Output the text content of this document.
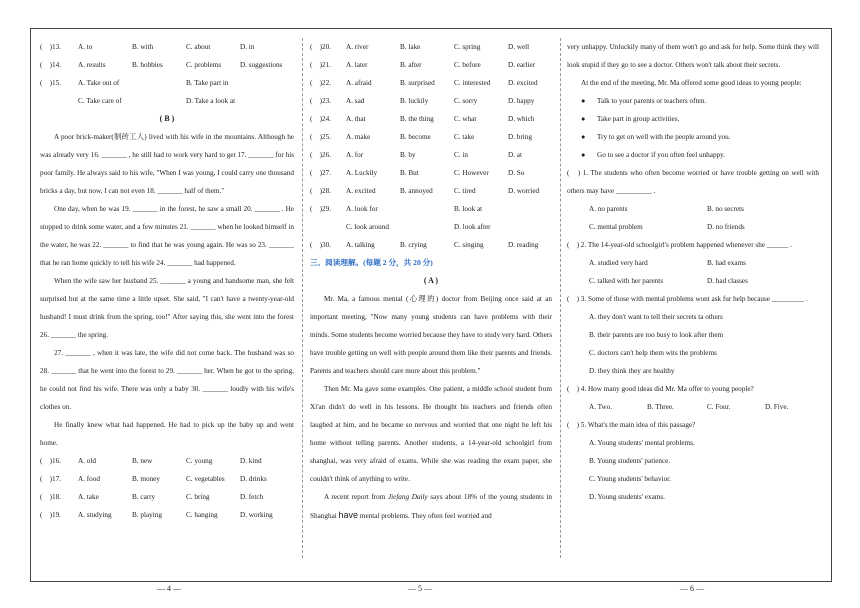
(　)13. A. to	B. with	C. about	D. in
(　)14. A. results	B. hobbies	C. problems	D. suggestions
(　)15. A. Take out of	B. Take part in
C. Take care of	D. Take a look at
( B )

A poor brick-maker(制砖工人) lived with his wife in the mountains. Although he was already very 16. _______ , he still had to work very hard to get 17. _______ for his poor family. He always said to his wife, "When I was young, I could carry one thousand bricks a day, but now, I can not even 18. _______ half of them."

One day, when he was 19. _______ in the forest, he saw a small 20. _______ . He stopped to drink some water, and a few minutes 21. _______ when he looked himself in the water, he was 22. _______ to find that he was young again. He was so 23. _______ that he ran home quickly to tell his wife 24. _______ had happened.

When the wife saw her husband 25. _______ a young and handsome man, she felt surprised but at the same time a little upset. She said, "I can't have a twenty-year-old husband! I must drink from the spring, too!" After saying this, she went into the forest 26. _______ the spring.

27. _______ , when it was late, the wife did not come back. The husband was so 28. _______ that he went into the forest to 29. _______ her. When he got to the spring, he could not find his wife. There was only a baby 30. _______ loudly with his wife's clothes on.

He finally knew what had happened. He had to pick up the baby up and went home.

(　)16. A. old	B. new	C. young	D. kind
(　)17. A. food	B. money	C. vegetables D. drinks
(　)18. A. take	B. carry	C. bring	D. fetch
(　)19. A. studying	B. playing	C. hanging	D. working
(　)20. A. river	B. lake	C. spring	D. well
(　)21. A. later	B. after	C. before	D. earlier
(　)22. A. afraid	B. surprised	C. interested D. excited
(　)23. A. sad	B. luckily	C. sorry	D. happy
(　)24. A. that	B. the thing	C. what	D. which
(　)25. A. make	B. become	C. take	D. bring
(　)26. A. for	B. by	C. in	D. at
(　)27. A. Luckily	B. But	C. However	D. So
(　)28. A. excited	B. annoyed	C. tired	D. worried
(　)29. A. look for	B. look at
C. look around	D. look after
(　)30. A. talking	B. crying	C. singing	D. reading
三、阅读理解。(每题 2 分，共 20 分)
( A )

Mr. Ma, a famous mental (心理的) doctor from Beijing once said at an important meeting, "Now many young students can have problems with their minds. Some students become worried because they have to study very hard. Others have trouble getting on well with people around them like their parents and friends. Parents and teachers should care more about this problem."

Then Mr. Ma gave some examples. One patient, a middle school student from Xi'an didn't do well in his lessons. He thought his teachers and friends often laughed at him, and he became so nervous and worried that one night he left his home without telling parents. Another students, a 14-year-old schoolgirl from shanghai, was very afraid of exams. While she was reading the exam paper, she couldn't think of anything to write.

A recent report from Jiefang Daily says about 18% of the young students in Shanghai have mental problems. They often feel worried and

very unhappy. Unluckily many of them won't go and ask for help. Some think they will look stupid if they go to see a doctor. Others won't talk about their secrets.

At the end of the meeting, Mr. Ma offered some good ideas to young people:

● Talk to your parents or teachers often.
● Take part in group activities.
● Try to get on well with the people around you.
● Go to see a doctor if you often feel unhappy.

(　) 1. The students who often become worried or have trouble getting on well with others may have __________ .

A. no parents	B. no secrets
C. mental problem	D. no friends

(　) 2. The 14-year-old schoolgirl's problem happened whenever she ______ .

A. studied very hard	B. had exams
C. talked with her parents	D. had classes

(　) 3. Some of those with mental problems wont ask fur help because _________ .

A. they don't want to tell their secrets ta others
B. their parents are too busy to look after them
C. doctors can't help them wits the problems
D. they think they are healthy

(　) 4. How many good ideas did Mr. Ma offer to young people?

A. Two.	B. Three.	C. Four.	D. Five.

(　) 5. What's the main idea of this passage?

A. Young students' mental problems.
B. Young students' patience.
C. Young students' behavior.
D. Young students' exams.
— 4 —	— 5 —	— 6 —
